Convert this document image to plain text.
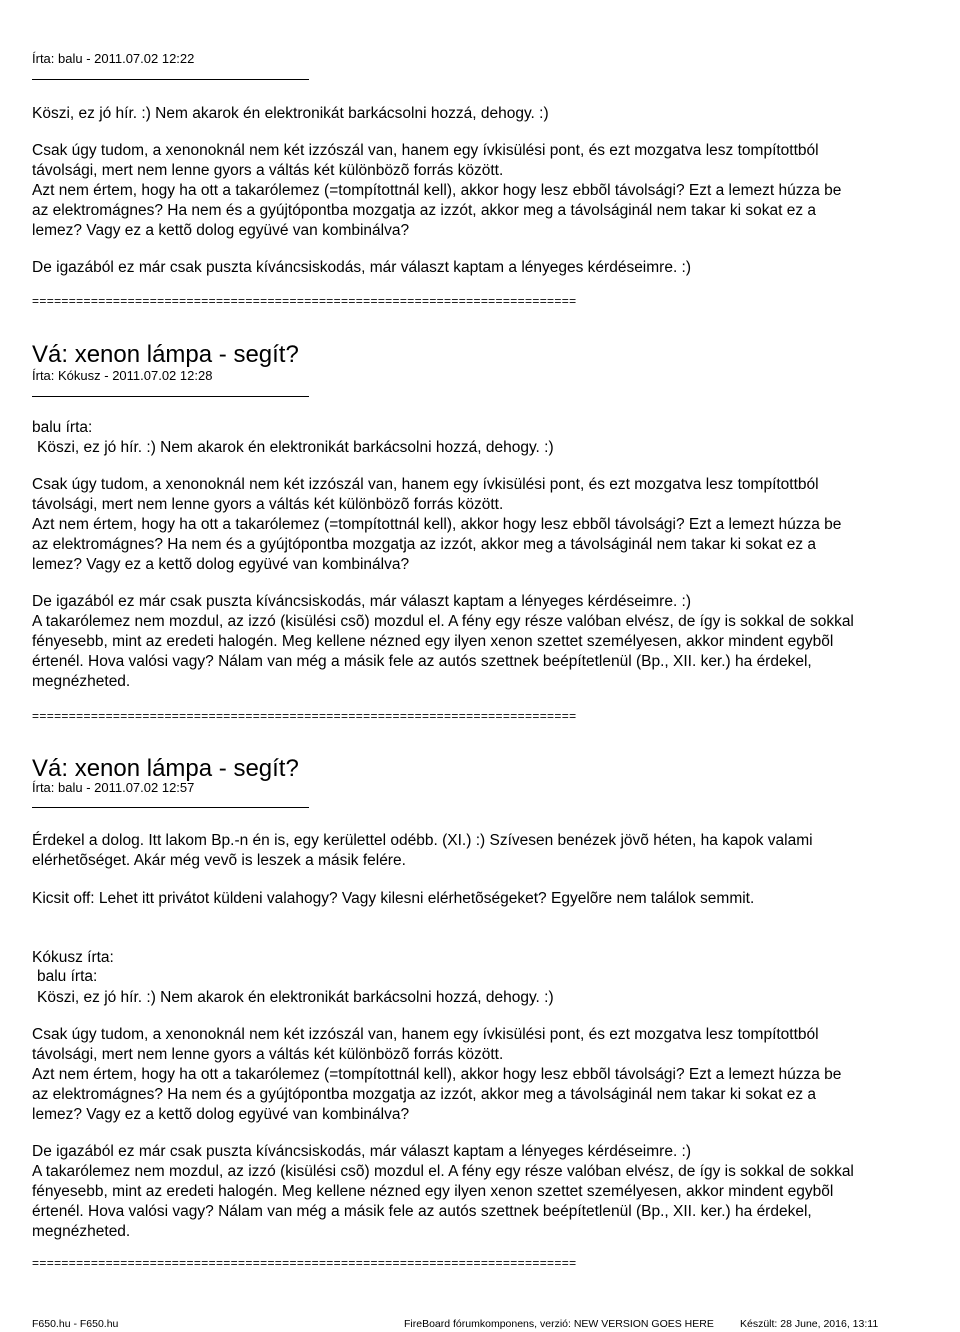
Írta: balu - 2011.07.02 12:22
Köszi, ez jó hír. :) Nem akarok én elektronikát barkácsolni hozzá, dehogy. :)
Csak úgy tudom, a xenonoknál nem két izzószál van, hanem egy ívkisülési pont, és ezt mozgatva lesz tompítottból
távolsági, mert nem lenne gyors a váltás két különbözõ forrás között.
Azt nem értem, hogy ha ott a takarólemez (=tompítottnál kell), akkor hogy lesz ebbõl távolsági? Ezt a lemezt húzza be
az elektromágnes? Ha nem és a gyújtópontba mozgatja az izzót, akkor meg a távolságinál nem takar ki sokat ez a
lemez? Vagy ez a kettõ dolog együvé van kombinálva?
De igazából ez már csak puszta kíváncsiskodás, már választ kaptam a lényeges kérdéseimre. :)
==========================================================================
Vá: xenon lámpa - segít?
Írta: Kókusz - 2011.07.02 12:28
balu írta:
Köszi, ez jó hír. :) Nem akarok én elektronikát barkácsolni hozzá, dehogy. :)
Csak úgy tudom, a xenonoknál nem két izzószál van, hanem egy ívkisülési pont, és ezt mozgatva lesz tompítottból
távolsági, mert nem lenne gyors a váltás két különbözõ forrás között.
Azt nem értem, hogy ha ott a takarólemez (=tompítottnál kell), akkor hogy lesz ebbõl távolsági? Ezt a lemezt húzza be
az elektromágnes? Ha nem és a gyújtópontba mozgatja az izzót, akkor meg a távolságinál nem takar ki sokat ez a
lemez? Vagy ez a kettõ dolog együvé van kombinálva?
De igazából ez már csak puszta kíváncsiskodás, már választ kaptam a lényeges kérdéseimre. :)
A takarólemez nem mozdul, az izzó (kisülési csõ) mozdul el. A fény egy része valóban elvész, de így is sokkal de sokkal
fényesebb, mint az eredeti halogén. Meg kellene nézned egy ilyen xenon szettet személyesen, akkor mindent egybõl
értenél. Hova valósi vagy? Nálam van még a másik fele az autós szettnek beépítetlenül (Bp., XII. ker.) ha érdekel,
megnézheted.
==========================================================================
Vá: xenon lámpa - segít?
Írta: balu - 2011.07.02 12:57
Érdekel a dolog. Itt lakom Bp.-n én is, egy kerülettel odébb. (XI.) :) Szívesen benézek jövõ héten, ha kapok valami
elérhetõséget. Akár még vevõ is leszek a másik felére.
Kicsit off: Lehet itt privátot küldeni valahogy? Vagy kilesni elérhetõségeket? Egyelõre nem találok semmit.
Kókusz írta:
balu írta:
Köszi, ez jó hír. :) Nem akarok én elektronikát barkácsolni hozzá, dehogy. :)
Csak úgy tudom, a xenonoknál nem két izzószál van, hanem egy ívkisülési pont, és ezt mozgatva lesz tompítottból
távolsági, mert nem lenne gyors a váltás két különbözõ forrás között.
Azt nem értem, hogy ha ott a takarólemez (=tompítottnál kell), akkor hogy lesz ebbõl távolsági? Ezt a lemezt húzza be
az elektromágnes? Ha nem és a gyújtópontba mozgatja az izzót, akkor meg a távolságinál nem takar ki sokat ez a
lemez? Vagy ez a kettõ dolog együvé van kombinálva?
De igazából ez már csak puszta kíváncsiskodás, már választ kaptam a lényeges kérdéseimre. :)
A takarólemez nem mozdul, az izzó (kisülési csõ) mozdul el. A fény egy része valóban elvész, de így is sokkal de sokkal
fényesebb, mint az eredeti halogén. Meg kellene nézned egy ilyen xenon szettet személyesen, akkor mindent egybõl
értenél. Hova valósi vagy? Nálam van még a másik fele az autós szettnek beépítetlenül (Bp., XII. ker.) ha érdekel,
megnézheted.
==========================================================================
F650.hu - F650.hu	FireBoard fórumkomponens, verzió: NEW VERSION GOES HERE Készült: 28 June, 2016, 13:11
